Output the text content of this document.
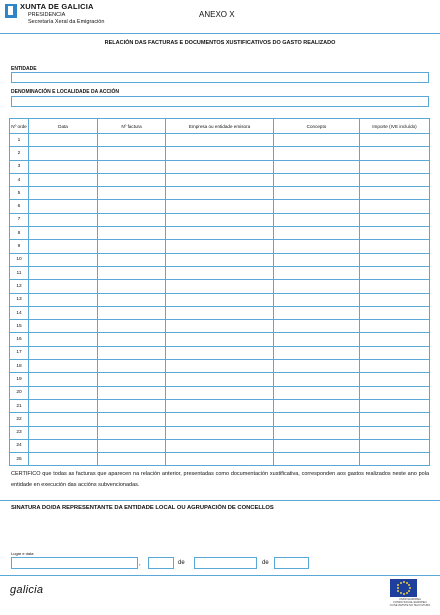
XUNTA DE GALICIA
PRESIDENCIA
Secretaría Xeral da Emigración
ANEXO X
RELACIÓN DAS FACTURAS E DOCUMENTOS XUSTIFICATIVOS DO GASTO REALIZADO
ENTIDADE
DENOMINACIÓN E LOCALIDADE DA ACCIÓN
Nº orde	Data	Nº factura	Empresa ou entidade emisora	Concepto	Importe (IVE incluído)
1					
2					
3					
4					
5					
6					
7					
8					
9					
10					
11					
12					
13					
14					
15					
16					
17					
18					
19					
20					
21					
22					
23					
24					
25					
CERTIFICO que todas as facturas que aparecen na relación anterior, presentadas como documentación xustificativa, corresponden aos gastos realizados neste ano pola entidade en execución das accións subvencionadas.
SINATURA DO/DA REPRESENTANTE DA ENTIDADE LOCAL OU AGRUPACIÓN DE CONCELLOS
Lugar e data
,	de	de
galicia
UNIÓN EUROPEA
FONDO SOCIAL EUROPEO
O FSE INVISTE NO TEU FUTURO
